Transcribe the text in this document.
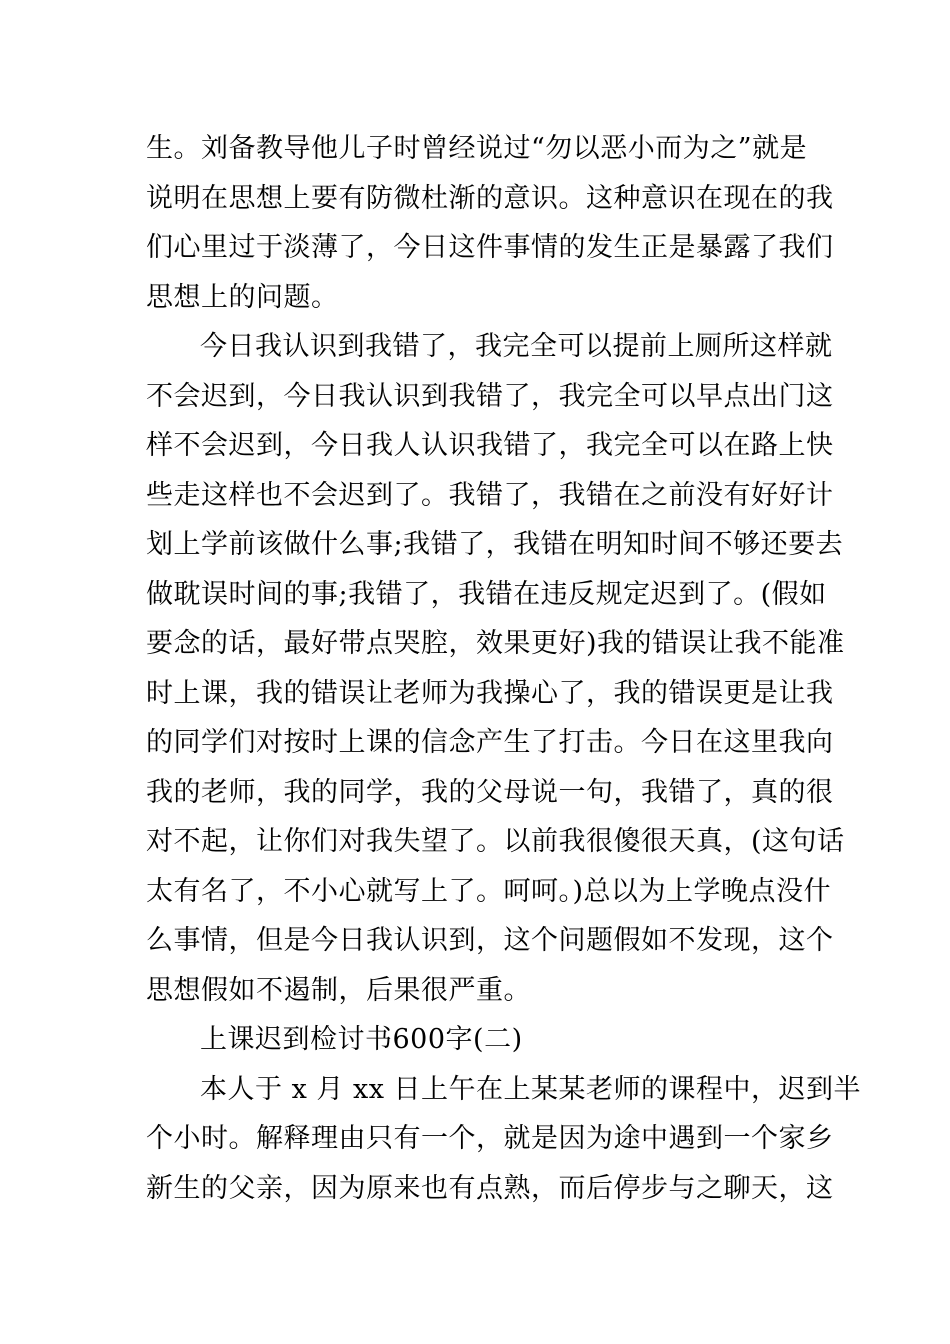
生。刘备教导他儿子时曾经说过“勿以恶小而为之”就是
说明在思想上要有防微杜渐的意识。这种意识在现在的我
们心里过于淡薄了，今日这件事情的发生正是暴露了我们
思想上的问题。
今日我认识到我错了，我完全可以提前上厕所这样就
不会迟到，今日我认识到我错了，我完全可以早点出门这
样不会迟到，今日我人认识我错了，我完全可以在路上快
些走这样也不会迟到了。我错了，我错在之前没有好好计
划上学前该做什么事;我错了，我错在明知时间不够还要去
做耽误时间的事;我错了，我错在违反规定迟到了。(假如
要念的话，最好带点哭腔，效果更好)我的错误让我不能准
时上课，我的错误让老师为我操心了，我的错误更是让我
的同学们对按时上课的信念产生了打击。今日在这里我向
我的老师，我的同学，我的父母说一句，我错了，真的很
对不起，让你们对我失望了。以前我很傻很天真，(这句话
太有名了，不小心就写上了。呵呵。)总以为上学晚点没什
么事情，但是今日我认识到，这个问题假如不发现，这个
思想假如不遏制，后果很严重。
上课迟到检讨书600字(二)
本人于 x 月 xx 日上午在上某某老师的课程中，迟到半
个小时。解释理由只有一个，就是因为途中遇到一个家乡
新生的父亲，因为原来也有点熟，而后停步与之聊天，这
